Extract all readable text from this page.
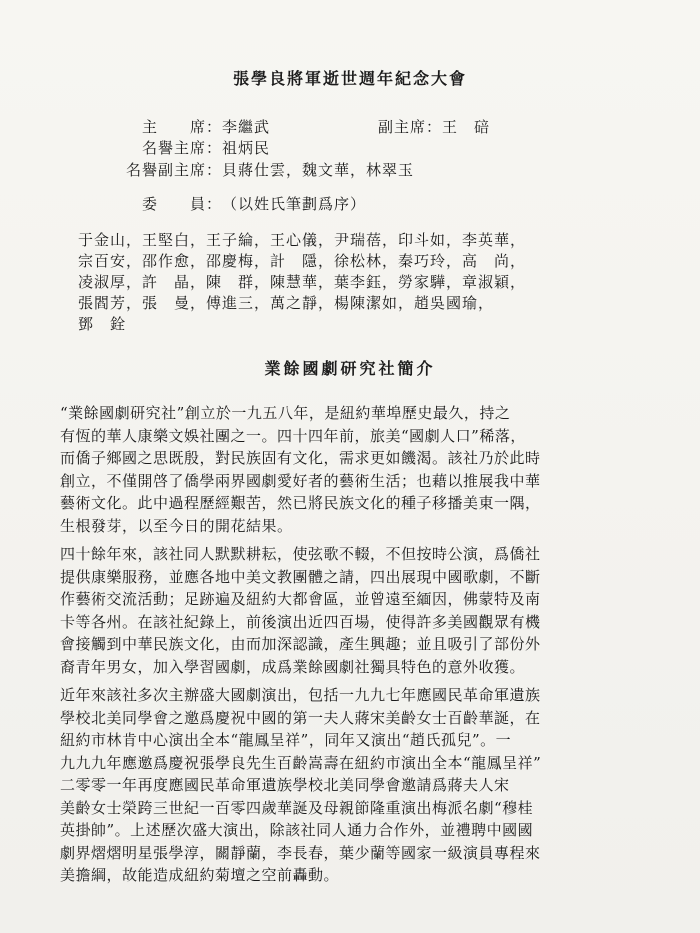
張學良將軍逝世週年紀念大會
主　　席：李繼武	副主席：王　碚
名譽主席：祖炳民
名譽副主席：貝蔣仕雲，魏文華，林翠玉
委　　員：（以姓氏筆劃爲序）
于金山，王堅白，王子綸，王心儀，尹瑞蓓，印斗如，李英華，
宗百安，邵作愈，邵慶梅，計　隱，徐松林，秦巧玲，高　尚，
凌淑厚，許　晶，陳　群，陳慧華，葉李鈺，勞家驊，章淑穎，
張閻芳，張　曼，傅進三，萬之靜，楊陳潔如，趙吳國瑜，
鄧　銓
業餘國劇研究社簡介
“業餘國劇研究社”創立於一九五八年，是紐約華埠歷史最久，持之
有恆的華人康樂文娛社團之一。四十四年前，旅美“國劇人口”稀落，
而僑子鄉國之思既殷，對民族固有文化，需求更如饑渴。該社乃於此時
創立，不僅開啓了僑學兩界國劇愛好者的藝術生活；也藉以推展我中華
藝術文化。此中過程歷經艱苦，然已將民族文化的種子移播美東一隅，
生根發芽，以至今日的開花結果。
四十餘年來，該社同人默默耕耘，使弦歌不輟，不但按時公演，爲僑社
提供康樂服務，並應各地中美文教團體之請，四出展現中國歌劇，不斷
作藝術交流活動；足跡遍及紐約大都會區，並曾遠至緬因，佛蒙特及南
卡等各州。在該社紀錄上，前後演出近四百場，使得許多美國觀眾有機
會接觸到中華民族文化，由而加深認識，產生興趣；並且吸引了部份外
裔青年男女，加入學習國劇，成爲業餘國劇社獨具特色的意外收獲。
近年來該社多次主辦盛大國劇演出，包括一九九七年應國民革命軍遺族
學校北美同學會之邀爲慶祝中國的第一夫人蔣宋美齡女士百齡華誕，在
紐約市林肯中心演出全本“龍鳳呈祥”，同年又演出“趙氏孤兒”。一
九九九年應邀爲慶祝張學良先生百齡嵩壽在紐約市演出全本“龍鳳呈祥”
二零零一年再度應國民革命軍遺族學校北美同學會邀請爲蔣夫人宋
美齡女士榮跨三世紀一百零四歲華誕及母親節隆重演出梅派名劇“穆桂
英掛帥”。上述歷次盛大演出，除該社同人通力合作外，並禮聘中國國
劇界熠熠明星張學淳，關靜蘭，李長春，葉少蘭等國家一級演員專程來
美擔綱，故能造成紐約菊壇之空前轟動。
